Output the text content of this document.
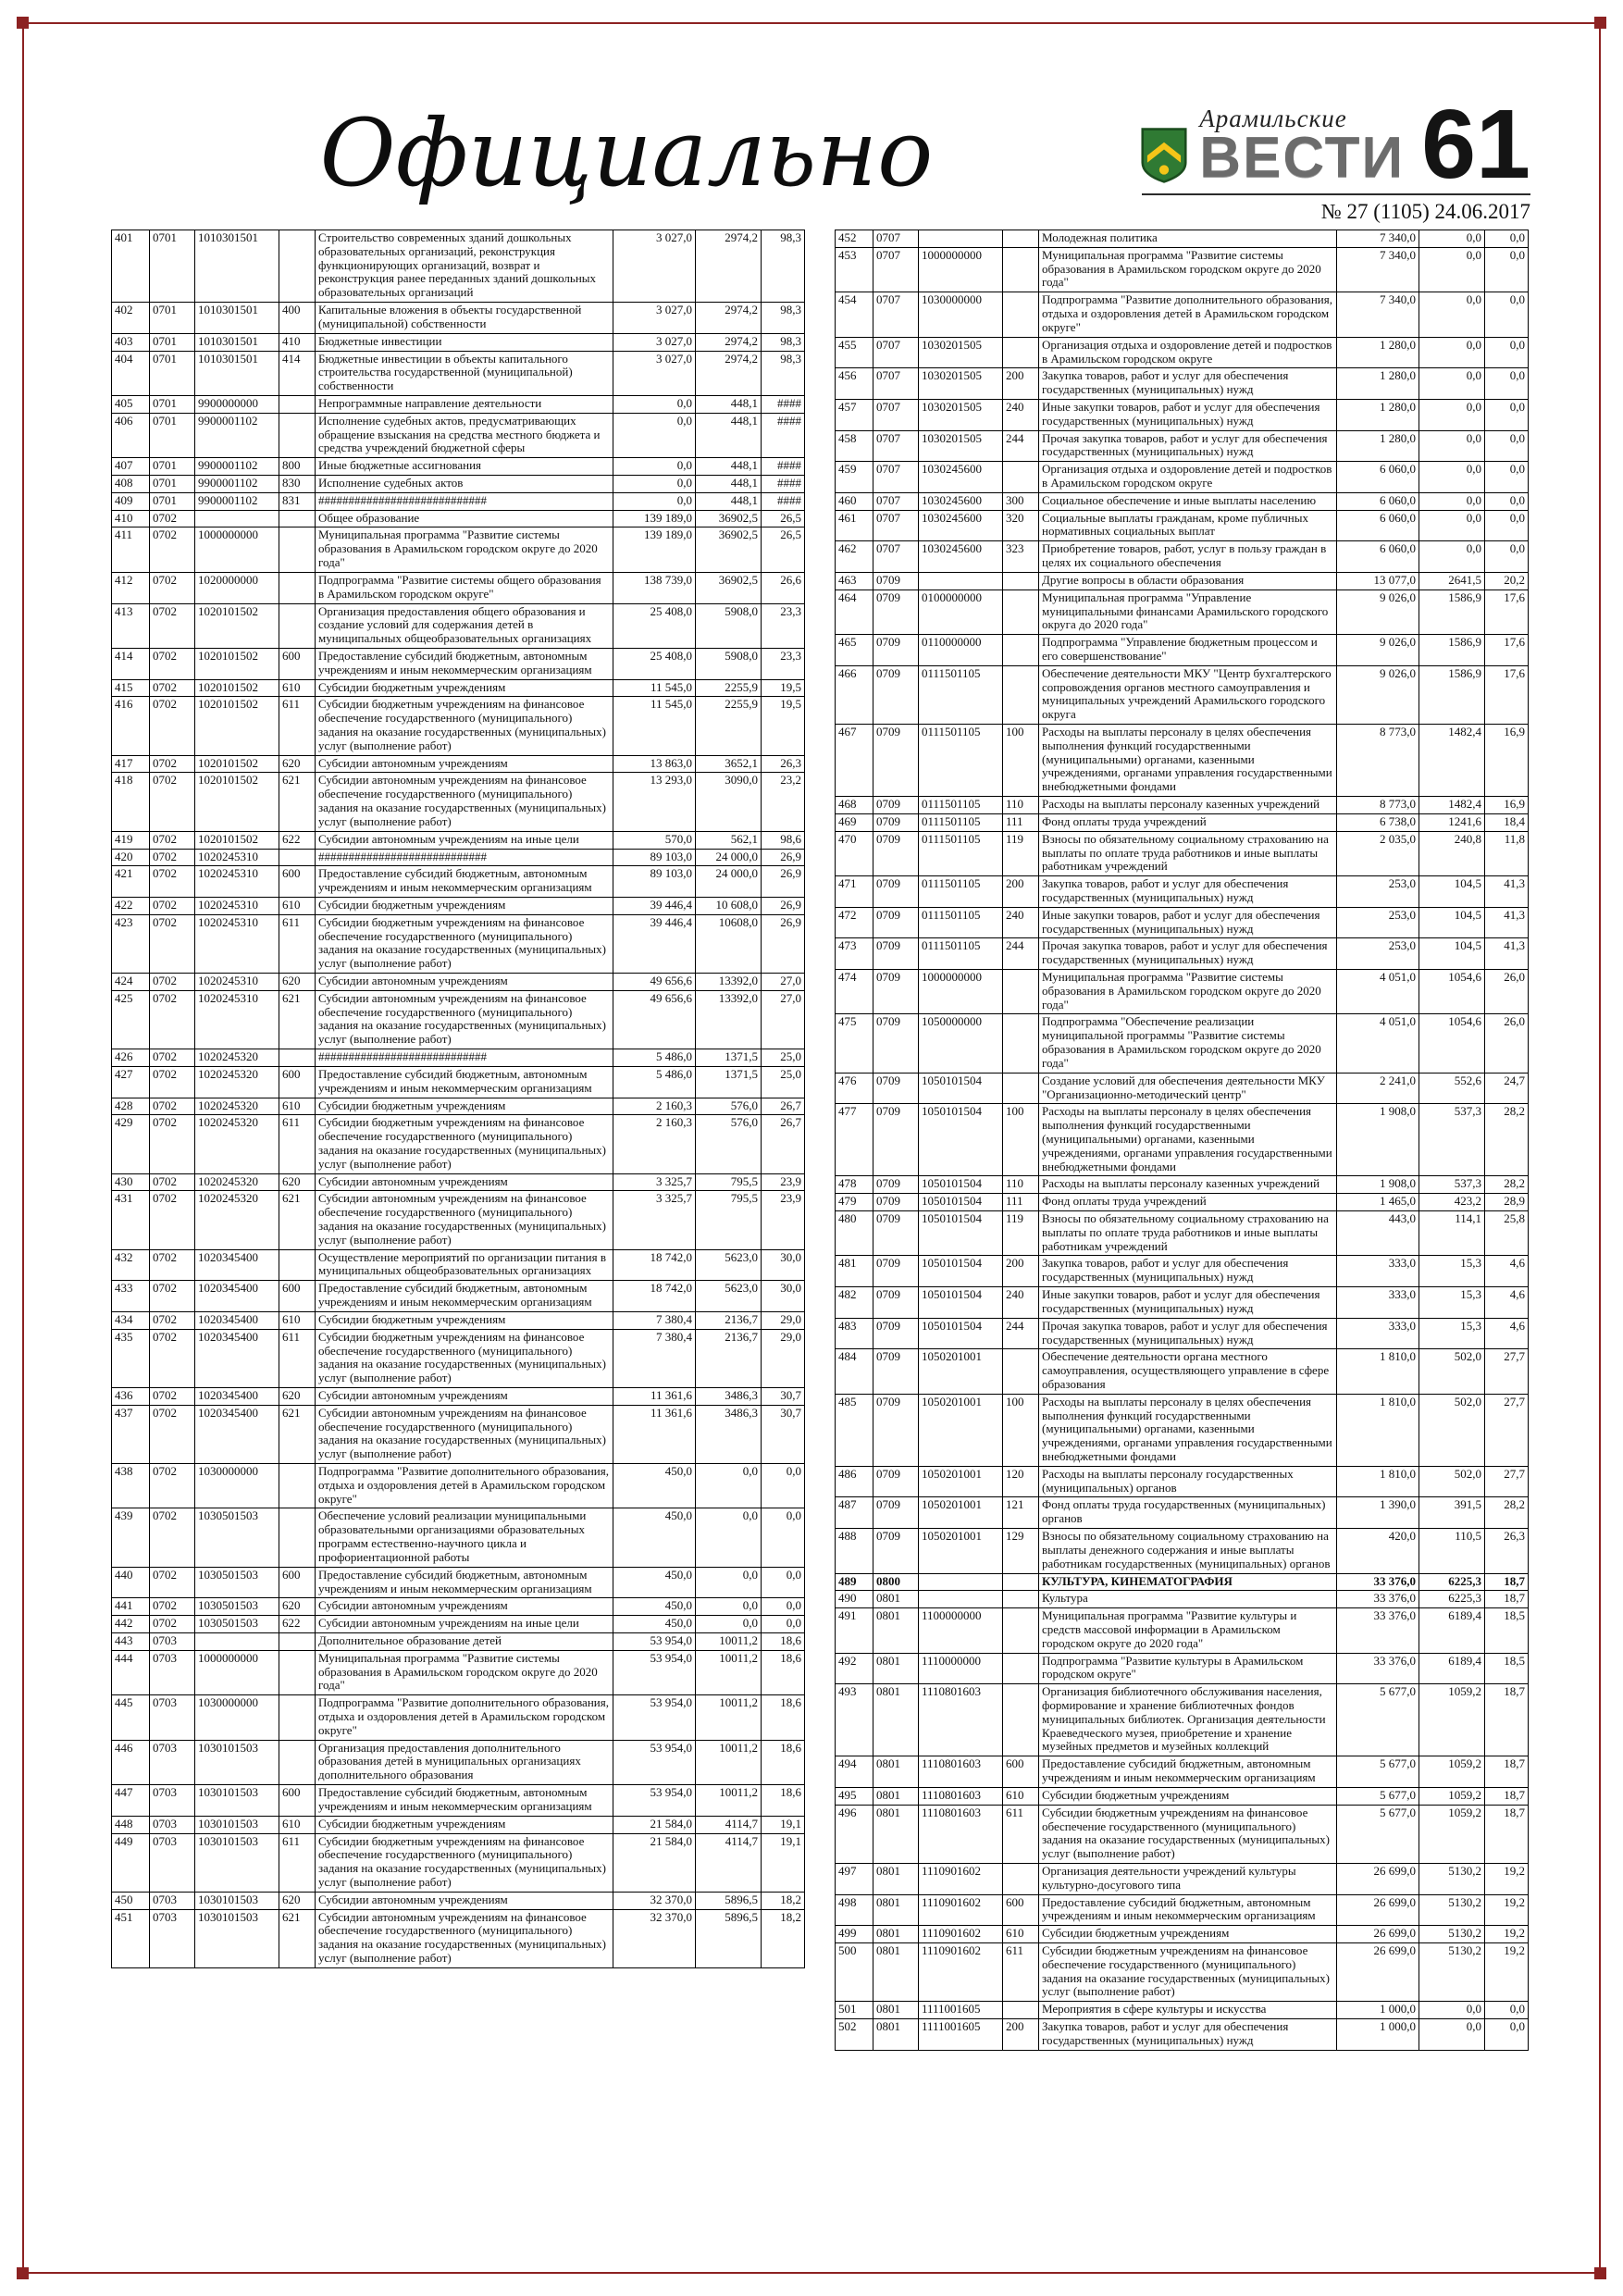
Официально	Арамильские
ВЕСТИ 61
№ 27 (1105) 24.06.2017
401	0701	1010301501		Строительство современных зданий дошкольных образовательных организаций, реконструкция функционирующих организаций, возврат и реконструкция ранее переданных зданий дошкольных образовательных организаций	3 027,0	2974,2	98,3
402	0701	1010301501	400	Капитальные вложения в объекты государственной (муниципальной) собственности	3 027,0	2974,2	98,3
403	0701	1010301501	410	Бюджетные инвестиции	3 027,0	2974,2	98,3
404	0701	1010301501	414	Бюджетные инвестиции в объекты капитального строительства государственной (муниципальной) собственности	3 027,0	2974,2	98,3
405	0701	9900000000		Непрограммные направление деятельности	0,0	448,1	####
406	0701	9900001102		Исполнение судебных актов, предусматривающих обращение взыскания на средства местного бюджета и средства учреждений бюджетной сферы	0,0	448,1	####
407	0701	9900001102	800	Иные бюджетные ассигнования	0,0	448,1	####
408	0701	9900001102	830	Исполнение судебных актов	0,0	448,1	####
409	0701	9900001102	831	############################	0,0	448,1	####
410	0702			Общее образование	139 189,0	36902,5	26,5
411	0702	1000000000		Муниципальная программа "Развитие системы образования в Арамильском городском округе до 2020 года"	139 189,0	36902,5	26,5
412	0702	1020000000		Подпрограмма "Развитие системы общего образования в Арамильском городском округе"	138 739,0	36902,5	26,6
413	0702	1020101502		Организация предоставления общего образования и создание условий для содержания детей в муниципальных общеобразовательных организациях	25 408,0	5908,0	23,3
414	0702	1020101502	600	Предоставление субсидий бюджетным, автономным учреждениям и иным некоммерческим организациям	25 408,0	5908,0	23,3
415	0702	1020101502	610	Субсидии бюджетным учреждениям	11 545,0	2255,9	19,5
416	0702	1020101502	611	Субсидии бюджетным учреждениям на финансовое обеспечение государственного (муниципального) задания на оказание государственных (муниципальных) услуг (выполнение работ)	11 545,0	2255,9	19,5
417	0702	1020101502	620	Субсидии автономным учреждениям	13 863,0	3652,1	26,3
418	0702	1020101502	621	Субсидии автономным учреждениям на финансовое обеспечение государственного (муниципального) задания на оказание государственных (муниципальных) услуг (выполнение работ)	13 293,0	3090,0	23,2
419	0702	1020101502	622	Субсидии автономным учреждениям на иные цели	570,0	562,1	98,6
420	0702	1020245310		############################	89 103,0	24 000,0	26,9
421	0702	1020245310	600	Предоставление субсидий бюджетным, автономным учреждениям и иным некоммерческим организациям	89 103,0	24 000,0	26,9
422	0702	1020245310	610	Субсидии бюджетным учреждениям	39 446,4	10 608,0	26,9
423	0702	1020245310	611	Субсидии бюджетным учреждениям на финансовое обеспечение государственного (муниципального) задания на оказание государственных (муниципальных) услуг (выполнение работ)	39 446,4	10608,0	26,9
424	0702	1020245310	620	Субсидии автономным учреждениям	49 656,6	13392,0	27,0
425	0702	1020245310	621	Субсидии автономным учреждениям на финансовое обеспечение государственного (муниципального) задания на оказание государственных (муниципальных) услуг (выполнение работ)	49 656,6	13392,0	27,0
426	0702	1020245320		############################	5 486,0	1371,5	25,0
427	0702	1020245320	600	Предоставление субсидий бюджетным, автономным учреждениям и иным некоммерческим организациям	5 486,0	1371,5	25,0
428	0702	1020245320	610	Субсидии бюджетным учреждениям	2 160,3	576,0	26,7
429	0702	1020245320	611	Субсидии бюджетным учреждениям на финансовое обеспечение государственного (муниципального) задания на оказание государственных (муниципальных) услуг (выполнение работ)	2 160,3	576,0	26,7
430	0702	1020245320	620	Субсидии автономным учреждениям	3 325,7	795,5	23,9
431	0702	1020245320	621	Субсидии автономным учреждениям на финансовое обеспечение государственного (муниципального) задания на оказание государственных (муниципальных) услуг (выполнение работ)	3 325,7	795,5	23,9
432	0702	1020345400		Осуществление мероприятий по организации питания в муниципальных общеобразовательных организациях	18 742,0	5623,0	30,0
433	0702	1020345400	600	Предоставление субсидий бюджетным, автономным учреждениям и иным некоммерческим организациям	18 742,0	5623,0	30,0
434	0702	1020345400	610	Субсидии бюджетным учреждениям	7 380,4	2136,7	29,0
435	0702	1020345400	611	Субсидии бюджетным учреждениям на финансовое обеспечение государственного (муниципального) задания на оказание государственных (муниципальных) услуг (выполнение работ)	7 380,4	2136,7	29,0
436	0702	1020345400	620	Субсидии автономным учреждениям	11 361,6	3486,3	30,7
437	0702	1020345400	621	Субсидии автономным учреждениям на финансовое обеспечение государственного (муниципального) задания на оказание государственных (муниципальных) услуг (выполнение работ)	11 361,6	3486,3	30,7
438	0702	1030000000		Подпрограмма "Развитие дополнительного образования, отдыха и оздоровления детей в Арамильском городском округе"	450,0	0,0	0,0
439	0702	1030501503		Обеспечение условий реализации муниципальными образовательными организациями образовательных программ естественно-научного цикла и профориентационной работы	450,0	0,0	0,0
440	0702	1030501503	600	Предоставление субсидий бюджетным, автономным учреждениям и иным некоммерческим организациям	450,0	0,0	0,0
441	0702	1030501503	620	Субсидии автономным учреждениям	450,0	0,0	0,0
442	0702	1030501503	622	Субсидии автономным учреждениям на иные цели	450,0	0,0	0,0
443	0703			Дополнительное образование детей	53 954,0	10011,2	18,6
444	0703	1000000000		Муниципальная программа "Развитие системы образования в Арамильском городском округе до 2020 года"	53 954,0	10011,2	18,6
445	0703	1030000000		Подпрограмма "Развитие дополнительного образования, отдыха и оздоровления детей в Арамильском городском округе"	53 954,0	10011,2	18,6
446	0703	1030101503		Организация предоставления дополнительного образования детей в муниципальных организациях дополнительного образования	53 954,0	10011,2	18,6
447	0703	1030101503	600	Предоставление субсидий бюджетным, автономным учреждениям и иным некоммерческим организациям	53 954,0	10011,2	18,6
448	0703	1030101503	610	Субсидии бюджетным учреждениям	21 584,0	4114,7	19,1
449	0703	1030101503	611	Субсидии бюджетным учреждениям на финансовое обеспечение государственного (муниципального) задания на оказание государственных (муниципальных) услуг (выполнение работ)	21 584,0	4114,7	19,1
450	0703	1030101503	620	Субсидии автономным учреждениям	32 370,0	5896,5	18,2
451	0703	1030101503	621	Субсидии автономным учреждениям на финансовое обеспечение государственного (муниципального) задания на оказание государственных (муниципальных) услуг (выполнение работ)	32 370,0	5896,5	18,2
452	0707			Молодежная политика	7 340,0	0,0	0,0
453	0707	1000000000		Муниципальная программа "Развитие системы образования в Арамильском городском округе до 2020 года"	7 340,0	0,0	0,0
454	0707	1030000000		Подпрограмма "Развитие дополнительного образования, отдыха и оздоровления детей в Арамильском городском округе"	7 340,0	0,0	0,0
455	0707	1030201505		Организация отдыха и оздоровление детей и подростков в Арамильском городском округе	1 280,0	0,0	0,0
456	0707	1030201505	200	Закупка товаров, работ и услуг для обеспечения государственных (муниципальных) нужд	1 280,0	0,0	0,0
457	0707	1030201505	240	Иные закупки товаров, работ и услуг для обеспечения государственных (муниципальных) нужд	1 280,0	0,0	0,0
458	0707	1030201505	244	Прочая закупка товаров, работ и услуг для обеспечения государственных (муниципальных) нужд	1 280,0	0,0	0,0
459	0707	1030245600		Организация отдыха и оздоровление детей и подростков в Арамильском городском округе	6 060,0	0,0	0,0
460	0707	1030245600	300	Социальное обеспечение и иные выплаты населению	6 060,0	0,0	0,0
461	0707	1030245600	320	Социальные выплаты гражданам, кроме публичных нормативных социальных выплат	6 060,0	0,0	0,0
462	0707	1030245600	323	Приобретение товаров, работ, услуг в пользу граждан в целях их социального обеспечения	6 060,0	0,0	0,0
463	0709			Другие вопросы в области образования	13 077,0	2641,5	20,2
464	0709	0100000000		Муниципальная программа "Управление муниципальными финансами Арамильского городского округа до 2020 года"	9 026,0	1586,9	17,6
465	0709	0110000000		Подпрограмма "Управление бюджетным процессом и его совершенствование"	9 026,0	1586,9	17,6
466	0709	0111501105		Обеспечение деятельности МКУ "Центр бухгалтерского сопровождения органов местного самоуправления и муниципальных учреждений Арамильского городского округа	9 026,0	1586,9	17,6
467	0709	0111501105	100	Расходы на выплаты персоналу в целях обеспечения выполнения функций государственными (муниципальными) органами, казенными учреждениями, органами управления государственными внебюджетными фондами	8 773,0	1482,4	16,9
468	0709	0111501105	110	Расходы на выплаты персоналу казенных учреждений	8 773,0	1482,4	16,9
469	0709	0111501105	111	Фонд оплаты труда учреждений	6 738,0	1241,6	18,4
470	0709	0111501105	119	Взносы по обязательному социальному страхованию на выплаты по оплате труда работников и иные выплаты работникам учреждений	2 035,0	240,8	11,8
471	0709	0111501105	200	Закупка товаров, работ и услуг для обеспечения государственных (муниципальных) нужд	253,0	104,5	41,3
472	0709	0111501105	240	Иные закупки товаров, работ и услуг для обеспечения государственных (муниципальных) нужд	253,0	104,5	41,3
473	0709	0111501105	244	Прочая закупка товаров, работ и услуг для обеспечения государственных (муниципальных) нужд	253,0	104,5	41,3
474	0709	1000000000		Муниципальная программа "Развитие системы образования в Арамильском городском округе до 2020 года"	4 051,0	1054,6	26,0
475	0709	1050000000		Подпрограмма "Обеспечение реализации муниципальной программы "Развитие системы образования в Арамильском городском округе до 2020 года"	4 051,0	1054,6	26,0
476	0709	1050101504		Создание условий для обеспечения деятельности МКУ "Организационно-методический центр"	2 241,0	552,6	24,7
477	0709	1050101504	100	Расходы на выплаты персоналу в целях обеспечения выполнения функций государственными (муниципальными) органами, казенными учреждениями, органами управления государственными внебюджетными фондами	1 908,0	537,3	28,2
478	0709	1050101504	110	Расходы на выплаты персоналу казенных учреждений	1 908,0	537,3	28,2
479	0709	1050101504	111	Фонд оплаты труда учреждений	1 465,0	423,2	28,9
480	0709	1050101504	119	Взносы по обязательному социальному страхованию на выплаты по оплате труда работников и иные выплаты работникам учреждений	443,0	114,1	25,8
481	0709	1050101504	200	Закупка товаров, работ и услуг для обеспечения государственных (муниципальных) нужд	333,0	15,3	4,6
482	0709	1050101504	240	Иные закупки товаров, работ и услуг для обеспечения государственных (муниципальных) нужд	333,0	15,3	4,6
483	0709	1050101504	244	Прочая закупка товаров, работ и услуг для обеспечения государственных (муниципальных) нужд	333,0	15,3	4,6
484	0709	1050201001		Обеспечение деятельности органа местного самоуправления, осуществляющего управление в сфере образования	1 810,0	502,0	27,7
485	0709	1050201001	100	Расходы на выплаты персоналу в целях обеспечения выполнения функций государственными (муниципальными) органами, казенными учреждениями, органами управления государственными внебюджетными фондами	1 810,0	502,0	27,7
486	0709	1050201001	120	Расходы на выплаты персоналу государственных (муниципальных) органов	1 810,0	502,0	27,7
487	0709	1050201001	121	Фонд оплаты труда государственных (муниципальных) органов	1 390,0	391,5	28,2
488	0709	1050201001	129	Взносы по обязательному социальному страхованию на выплаты денежного содержания и иные выплаты работникам государственных (муниципальных) органов	420,0	110,5	26,3
489	0800			КУЛЬТУРА, КИНЕМАТОГРАФИЯ	33 376,0	6225,3	18,7
490	0801			Культура	33 376,0	6225,3	18,7
491	0801	1100000000		Муниципальная программа "Развитие культуры и средств массовой информации в Арамильском городском округе до 2020 года"	33 376,0	6189,4	18,5
492	0801	1110000000		Подпрограмма "Развитие культуры в Арамильском городском округе"	33 376,0	6189,4	18,5
493	0801	1110801603		Организация библиотечного обслуживания населения, формирование и хранение библиотечных фондов муниципальных библиотек. Организация деятельности Краеведческого музея, приобретение и хранение музейных предметов и музейных коллекций	5 677,0	1059,2	18,7
494	0801	1110801603	600	Предоставление субсидий бюджетным, автономным учреждениям и иным некоммерческим организациям	5 677,0	1059,2	18,7
495	0801	1110801603	610	Субсидии бюджетным учреждениям	5 677,0	1059,2	18,7
496	0801	1110801603	611	Субсидии бюджетным учреждениям на финансовое обеспечение государственного (муниципального) задания на оказание государственных (муниципальных) услуг (выполнение работ)	5 677,0	1059,2	18,7
497	0801	1110901602		Организация деятельности учреждений культуры культурно-досугового типа	26 699,0	5130,2	19,2
498	0801	1110901602	600	Предоставление субсидий бюджетным, автономным учреждениям и иным некоммерческим организациям	26 699,0	5130,2	19,2
499	0801	1110901602	610	Субсидии бюджетным учреждениям	26 699,0	5130,2	19,2
500	0801	1110901602	611	Субсидии бюджетным учреждениям на финансовое обеспечение государственного (муниципального) задания на оказание государственных (муниципальных) услуг (выполнение работ)	26 699,0	5130,2	19,2
501	0801	1111001605		Мероприятия в сфере культуры и искусства	1 000,0	0,0	0,0
502	0801	1111001605	200	Закупка товаров, работ и услуг для обеспечения государственных (муниципальных) нужд	1 000,0	0,0	0,0
